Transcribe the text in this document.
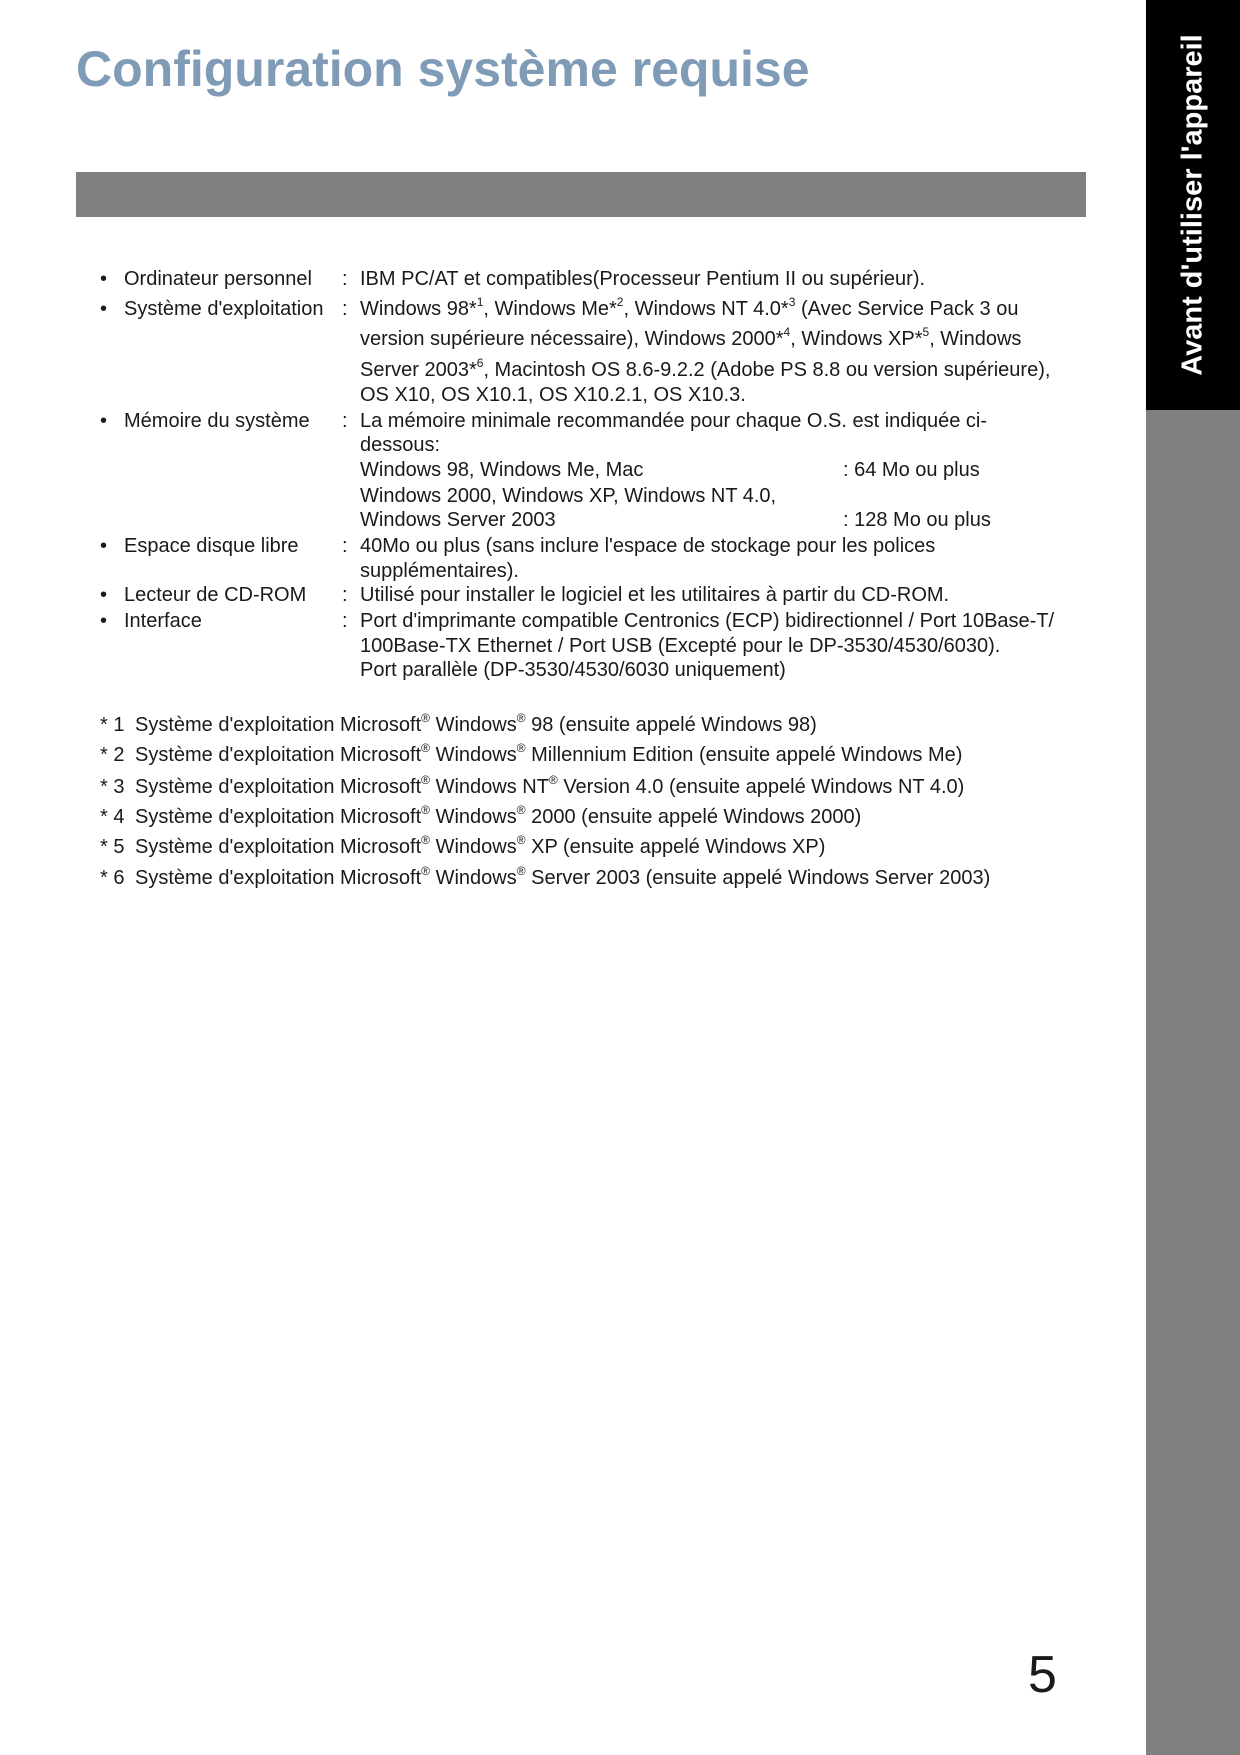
Configuration système requise	Avant d'utiliser l'appareil
• Ordinateur personnel : IBM PC/AT et compatibles(Processeur Pentium II ou supérieur).
• Système d'exploitation : Windows 98*$^1$, Windows Me*$^2$, Windows NT 4.0*$^3$ (Avec Service Pack 3 ou
version supérieure nécessaire), Windows 2000*$^4$, Windows XP*$^5$, Windows
Server 2003*$^6$, Macintosh OS 8.6-9.2.2 (Adobe PS 8.8 ou version supérieure),
OS X10, OS X10.1, OS X10.2.1, OS X10.3.
• Mémoire du système : La mémoire minimale recommandée pour chaque O.S. est indiquée ci-
dessous:
Windows 98, Windows Me, Mac	: 64 Mo ou plus
Windows 2000, Windows XP, Windows NT 4.0,
Windows Server 2003	: 128 Mo ou plus
• Espace disque libre : 40Mo ou plus (sans inclure l'espace de stockage pour les polices
supplémentaires).
• Lecteur de CD-ROM : Utilisé pour installer le logiciel et les utilitaires à partir du CD-ROM.
• Interface	: Port d'imprimante compatible Centronics (ECP) bidirectionnel / Port 10Base-T/
100Base-TX Ethernet / Port USB (Excepté pour le DP-3530/4530/6030).
Port parallèle (DP-3530/4530/6030 uniquement)
* 1 Système d'exploitation Microsoft® Windows® 98 (ensuite appelé Windows 98)
* 2 Système d'exploitation Microsoft® Windows® Millennium Edition (ensuite appelé Windows Me)
* 3 Système d'exploitation Microsoft® Windows NT® Version 4.0 (ensuite appelé Windows NT 4.0)
* 4 Système d'exploitation Microsoft® Windows® 2000 (ensuite appelé Windows 2000)
* 5 Système d'exploitation Microsoft® Windows® XP (ensuite appelé Windows XP)
* 6 Système d'exploitation Microsoft® Windows® Server 2003 (ensuite appelé Windows Server 2003)
5
